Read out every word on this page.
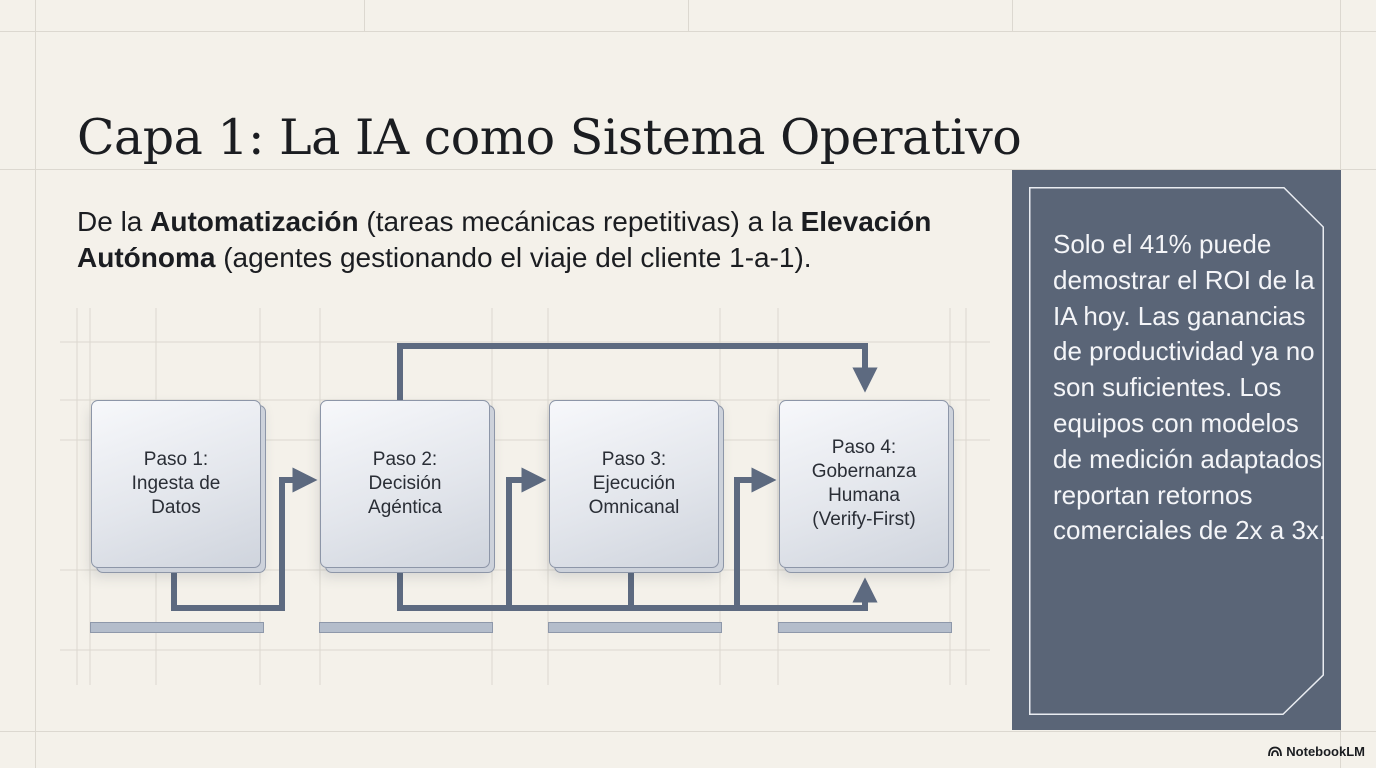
Capa 1: La IA como Sistema Operativo

De la Automatización (tareas mecánicas repetitivas) a la Elevación Autónoma (agentes gestionando el viaje del cliente 1-a-1).

Paso 1:
Ingesta de
Datos
Paso 2:
Decisión
Agéntica
Paso 3:
Ejecución
Omnicanal
Paso 4:
Gobernanza
Humana
(Verify-First)

Solo el 41% puede demostrar el ROI de la IA hoy. Las ganancias de productividad ya no son suficientes. Los equipos con modelos de medición adaptados reportan retornos comerciales de 2x a 3x.

NotebookLM
